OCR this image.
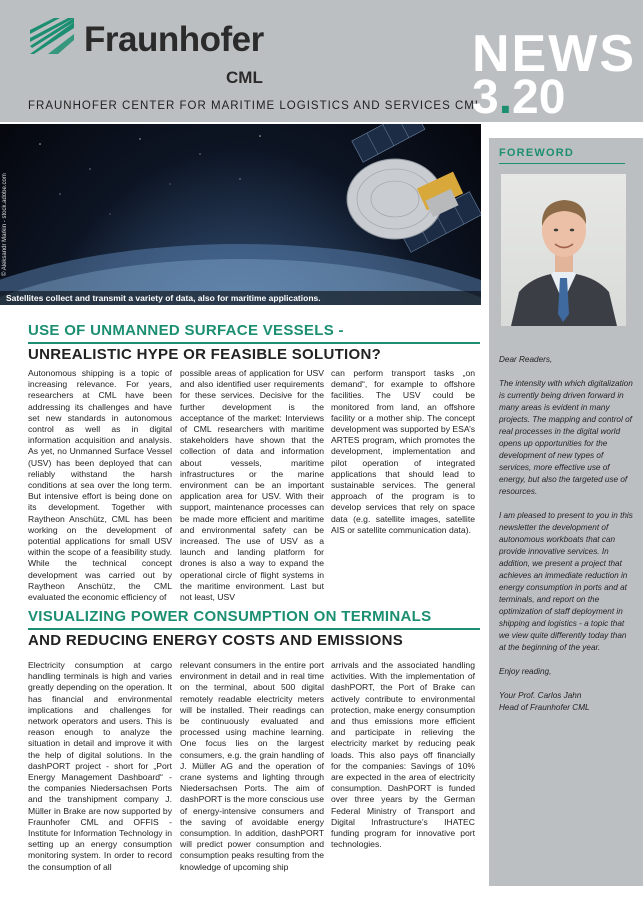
Fraunhofer
CML
FRAUNHOFER CENTER FOR MARITIME LOGISTICS AND SERVICES CML
NEWS
3.20
© Aleksandr Markin - stock.adobe.com
Satellites collect and transmit a variety of data, also for maritime applications.
USE OF UNMANNED SURFACE VESSELS -
UNREALISTIC HYPE OR FEASIBLE SOLUTION?
Autonomous shipping is a topic of increasing relevance. For years, researchers at CML have been addressing its challenges and have set new standards in autonomous control as well as in digital information acquisition and analysis. As yet, no Unmanned Surface Vessel (USV) has been deployed that can reliably withstand the harsh conditions at sea over the long term. But intensive effort is being done on its development. Together with Raytheon Anschütz, CML has been working on the development of potential applications for small USV within the scope of a feasibility study. While the technical concept development was carried out by Raytheon Anschütz, the CML evaluated the economic efficiency of
possible areas of application for USV and also identified user requirements for these services. Decisive for the further development is the acceptance of the market: Interviews of CML researchers with maritime stakeholders have shown that the collection of data and information about vessels, maritime infrastructures or the marine environment can be an important application area for USV. With their support, maintenance processes can be made more efficient and maritime and environmental safety can be increased. The use of USV as a launch and landing platform for drones is also a way to expand the operational circle of flight systems in the maritime environment. Last but not least, USV
can perform transport tasks „on demand“, for example to offshore facilities. The USV could be monitored from land, an offshore facility or a mother ship. The concept development was supported by ESA’s ARTES program, which promotes the development, implementation and pilot operation of integrated applications that should lead to sustainable services. The general approach of the program is to develop services that rely on space data (e.g. satellite images, satellite AIS or satellite communication data).
VISUALIZING POWER CONSUMPTION ON TERMINALS
AND REDUCING ENERGY COSTS AND EMISSIONS
Electricity consumption at cargo handling terminals is high and varies greatly depending on the operation. It has financial and environmental implications and challenges for network operators and users. This is reason enough to analyze the situation in detail and improve it with the help of digital solutions. In the dashPORT project - short for „Port Energy Management Dashboard“ - the companies Niedersachsen Ports and the transhipment company J. Müller in Brake are now supported by Fraunhofer CML and OFFIS - Institute for Information Technology in setting up an energy consumption monitoring system. In order to record the consumption of all
relevant consumers in the entire port environment in detail and in real time on the terminal, about 500 digital remotely readable electricity meters will be installed. Their readings can be continuously evaluated and processed using machine learning. One focus lies on the largest consumers, e.g. the grain handling of J. Müller AG and the operation of crane systems and lighting through Niedersachsen Ports. The aim of dashPORT is the more conscious use of energy-intensive consumers and the saving of avoidable energy consumption. In addition, dashPORT will predict power consumption and consumption peaks resulting from the knowledge of upcoming ship
arrivals and the associated handling activities. With the implementation of dashPORT, the Port of Brake can actively contribute to environmental protection, make energy consumption and thus emissions more efficient and participate in relieving the electricity market by reducing peak loads. This also pays off financially for the companies: Savings of 10% are expected in the area of electricity consumption. DashPORT is funded over three years by the German Federal Ministry of Transport and Digital Infrastructure’s IHATEC funding program for innovative port technologies.
FOREWORD

Dear Readers,

The intensity with which digitalization is currently being driven forward in many areas is evident in many projects. The mapping and control of real processes in the digital world opens up opportunities for the development of new types of services, more effective use of energy, but also the targeted use of resources.

I am pleased to present to you in this newsletter the development of autonomous workboats that can provide innovative services. In addition, we present a project that achieves an immediate reduction in energy consumption in ports and at terminals, and report on the optimization of staff deployment in shipping and logistics - a topic that we view quite differently today than at the beginning of the year.

Enjoy reading,

Your Prof. Carlos Jahn
Head of Fraunhofer CML
